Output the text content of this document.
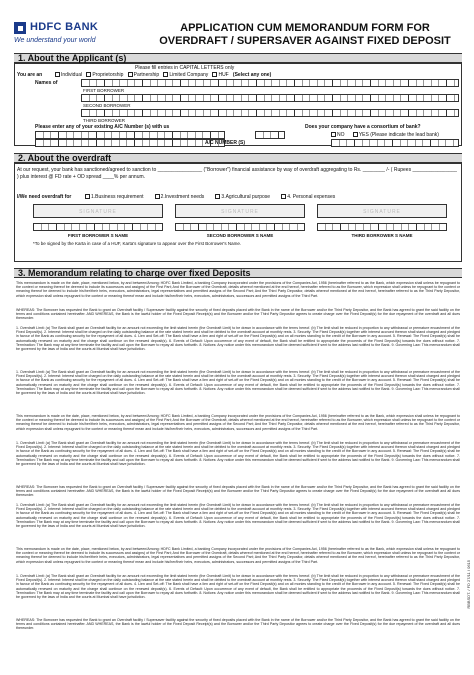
HDFC BANK
We understand your world
APPLICATION CUM MEMORANDUM FORM FOR
OVERDRAFT / SUPERSAVER AGAINST FIXED DEPOSIT
1. About the Applicant (s)
Please fill entries in CAPITAL LETTERS only
You are an	Individual Proprietorship Partnership Limited Company HUF (Select any one)
Names of
FIRST BORROWER
SECOND BORROWER
THIRD BORROWER
Please enter any of your existing A/C Number (s) with us
A/C NUMBER (S)
Does your company have a consortium of bank?
NO	YES (Please indicate the lead bank)
2. About the overdraft
At our request, your bank has sanctioned/agreed to sanction to ________________ ("Borrower") financial assistance by way of overdraft aggregating to Rs. ________ /- ( Rupees ________________ ) plus interest @ FD rate + OD spread ____% per annum.
I/We need overdraft for	1.Business requirement	2.Investment needs	3.Agricultural purpose	4. Personal expenses
SIGNATURE	SIGNATURE	SIGNATURE
FIRST BORROWER S NAME	SECOND BORROWER S NAME	THIRD BORROWER S NAME
*To be signed by the Karta in case of a HUF, Karta's signature to appear over the First Borrower's Name.
3. Memorandum relating to charge over fixed Deposits
This memorandum is made on the date, place, mentioned below, by and between/Among: HDFC Bank Limited, a banking Company incorporated under the provisions of the Companies Act, 1956 (hereinafter referred to as the Bank, which expression shall unless be repugnant to the context or meaning thereof be deemed to include its successors and assigns) of the First Part; And the Borrower of the Overdraft, details whereof mentioned at the end hereof, hereinafter referred to as the Borrower, which expression shall unless be repugnant to the context or meaning thereof be deemed to include his/her/their heirs, executors, administrators, legal representatives and permitted assigns of the Second Part; And the Third Party Depositor, details whereof mentioned at the end hereof, hereinafter referred to as the Third Party Depositor, which expression shall unless repugnant to the context or meaning thereof mean and include his/her/their heirs, executors, administrators, successors and permitted assigns of the Third Part.
WHEREAS: The Borrower has requested the Bank to grant an Overdraft facility / Supersaver facility against the security of fixed deposits placed with the Bank in the name of the Borrower and/or the Third Party Depositor, and the Bank has agreed to grant the said facility on the terms and conditions contained hereinafter. AND WHEREAS, the Bank is the lawful holder of the Fixed Deposit Receipt(s) and the Borrower and/or the Third Party Depositor agrees to create charge over the Fixed Deposit(s) for the due repayment of the overdraft and all dues thereunder.
1. Overdraft Limit: (a) The Bank shall grant an Overdraft facility for an amount not exceeding the limit stated herein (the Overdraft Limit) to be drawn in accordance with the terms hereof. (b) The limit shall be reduced in proportion to any withdrawal or premature encashment of the Fixed Deposit(s). 2. Interest: Interest shall be charged on the daily outstanding balance at the rate stated herein and shall be debited to the overdraft account at monthly rests. 3. Security: The Fixed Deposit(s) together with interest accrued thereon shall stand charged and pledged in favour of the Bank as continuing security for the repayment of all dues. 4. Lien and Set-off: The Bank shall have a lien and right of set-off on the Fixed Deposit(s) and on all monies standing to the credit of the Borrower in any account. 5. Renewal: The Fixed Deposit(s) shall be automatically renewed on maturity and the charge shall continue on the renewed deposit(s). 6. Events of Default: Upon occurrence of any event of default, the Bank shall be entitled to appropriate the proceeds of the Fixed Deposit(s) towards the dues without notice. 7. Termination: The Bank may at any time terminate the facility and call upon the Borrower to repay all dues forthwith. 8. Notices: Any notice under this memorandum shall be deemed sufficient if sent to the address last notified to the Bank. 9. Governing Law: This memorandum shall be governed by the laws of India and the courts at Mumbai shall have jurisdiction.
1. Overdraft Limit: (a) The Bank shall grant an Overdraft facility for an amount not exceeding the limit stated herein (the Overdraft Limit) to be drawn in accordance with the terms hereof. (b) The limit shall be reduced in proportion to any withdrawal or premature encashment of the Fixed Deposit(s). 2. Interest: Interest shall be charged on the daily outstanding balance at the rate stated herein and shall be debited to the overdraft account at monthly rests. 3. Security: The Fixed Deposit(s) together with interest accrued thereon shall stand charged and pledged in favour of the Bank as continuing security for the repayment of all dues. 4. Lien and Set-off: The Bank shall have a lien and right of set-off on the Fixed Deposit(s) and on all monies standing to the credit of the Borrower in any account. 5. Renewal: The Fixed Deposit(s) shall be automatically renewed on maturity and the charge shall continue on the renewed deposit(s). 6. Events of Default: Upon occurrence of any event of default, the Bank shall be entitled to appropriate the proceeds of the Fixed Deposit(s) towards the dues without notice. 7. Termination: The Bank may at any time terminate the facility and call upon the Borrower to repay all dues forthwith. 8. Notices: Any notice under this memorandum shall be deemed sufficient if sent to the address last notified to the Bank. 9. Governing Law: This memorandum shall be governed by the laws of India and the courts at Mumbai shall have jurisdiction.
This memorandum is made on the date, place, mentioned below, by and between/Among: HDFC Bank Limited, a banking Company incorporated under the provisions of the Companies Act, 1956 (hereinafter referred to as the Bank, which expression shall unless be repugnant to the context or meaning thereof be deemed to include its successors and assigns) of the First Part; And the Borrower of the Overdraft, details whereof mentioned at the end hereof, hereinafter referred to as the Borrower, which expression shall unless be repugnant to the context or meaning thereof be deemed to include his/her/their heirs, executors, administrators, legal representatives and permitted assigns of the Second Part; And the Third Party Depositor, details whereof mentioned at the end hereof, hereinafter referred to as the Third Party Depositor, which expression shall unless repugnant to the context or meaning thereof mean and include his/her/their heirs, executors, administrators, successors and permitted assigns of the Third Part.
1. Overdraft Limit: (a) The Bank shall grant an Overdraft facility for an amount not exceeding the limit stated herein (the Overdraft Limit) to be drawn in accordance with the terms hereof. (b) The limit shall be reduced in proportion to any withdrawal or premature encashment of the Fixed Deposit(s). 2. Interest: Interest shall be charged on the daily outstanding balance at the rate stated herein and shall be debited to the overdraft account at monthly rests. 3. Security: The Fixed Deposit(s) together with interest accrued thereon shall stand charged and pledged in favour of the Bank as continuing security for the repayment of all dues. 4. Lien and Set-off: The Bank shall have a lien and right of set-off on the Fixed Deposit(s) and on all monies standing to the credit of the Borrower in any account. 5. Renewal: The Fixed Deposit(s) shall be automatically renewed on maturity and the charge shall continue on the renewed deposit(s). 6. Events of Default: Upon occurrence of any event of default, the Bank shall be entitled to appropriate the proceeds of the Fixed Deposit(s) towards the dues without notice. 7. Termination: The Bank may at any time terminate the facility and call upon the Borrower to repay all dues forthwith. 8. Notices: Any notice under this memorandum shall be deemed sufficient if sent to the address last notified to the Bank. 9. Governing Law: This memorandum shall be governed by the laws of India and the courts at Mumbai shall have jurisdiction.
WHEREAS: The Borrower has requested the Bank to grant an Overdraft facility / Supersaver facility against the security of fixed deposits placed with the Bank in the name of the Borrower and/or the Third Party Depositor, and the Bank has agreed to grant the said facility on the terms and conditions contained hereinafter. AND WHEREAS, the Bank is the lawful holder of the Fixed Deposit Receipt(s) and the Borrower and/or the Third Party Depositor agrees to create charge over the Fixed Deposit(s) for the due repayment of the overdraft and all dues thereunder.
1. Overdraft Limit: (a) The Bank shall grant an Overdraft facility for an amount not exceeding the limit stated herein (the Overdraft Limit) to be drawn in accordance with the terms hereof. (b) The limit shall be reduced in proportion to any withdrawal or premature encashment of the Fixed Deposit(s). 2. Interest: Interest shall be charged on the daily outstanding balance at the rate stated herein and shall be debited to the overdraft account at monthly rests. 3. Security: The Fixed Deposit(s) together with interest accrued thereon shall stand charged and pledged in favour of the Bank as continuing security for the repayment of all dues. 4. Lien and Set-off: The Bank shall have a lien and right of set-off on the Fixed Deposit(s) and on all monies standing to the credit of the Borrower in any account. 5. Renewal: The Fixed Deposit(s) shall be automatically renewed on maturity and the charge shall continue on the renewed deposit(s). 6. Events of Default: Upon occurrence of any event of default, the Bank shall be entitled to appropriate the proceeds of the Fixed Deposit(s) towards the dues without notice. 7. Termination: The Bank may at any time terminate the facility and call upon the Borrower to repay all dues forthwith. 8. Notices: Any notice under this memorandum shall be deemed sufficient if sent to the address last notified to the Bank. 9. Governing Law: This memorandum shall be governed by the laws of India and the courts at Mumbai shall have jurisdiction.
This memorandum is made on the date, place, mentioned below, by and between/Among: HDFC Bank Limited, a banking Company incorporated under the provisions of the Companies Act, 1956 (hereinafter referred to as the Bank, which expression shall unless be repugnant to the context or meaning thereof be deemed to include its successors and assigns) of the First Part; And the Borrower of the Overdraft, details whereof mentioned at the end hereof, hereinafter referred to as the Borrower, which expression shall unless be repugnant to the context or meaning thereof be deemed to include his/her/their heirs, executors, administrators, legal representatives and permitted assigns of the Second Part; And the Third Party Depositor, details whereof mentioned at the end hereof, hereinafter referred to as the Third Party Depositor, which expression shall unless repugnant to the context or meaning thereof mean and include his/her/their heirs, executors, administrators, successors and permitted assigns of the Third Part.
1. Overdraft Limit: (a) The Bank shall grant an Overdraft facility for an amount not exceeding the limit stated herein (the Overdraft Limit) to be drawn in accordance with the terms hereof. (b) The limit shall be reduced in proportion to any withdrawal or premature encashment of the Fixed Deposit(s). 2. Interest: Interest shall be charged on the daily outstanding balance at the rate stated herein and shall be debited to the overdraft account at monthly rests. 3. Security: The Fixed Deposit(s) together with interest accrued thereon shall stand charged and pledged in favour of the Bank as continuing security for the repayment of all dues. 4. Lien and Set-off: The Bank shall have a lien and right of set-off on the Fixed Deposit(s) and on all monies standing to the credit of the Borrower in any account. 5. Renewal: The Fixed Deposit(s) shall be automatically renewed on maturity and the charge shall continue on the renewed deposit(s). 6. Events of Default: Upon occurrence of any event of default, the Bank shall be entitled to appropriate the proceeds of the Fixed Deposit(s) towards the dues without notice. 7. Termination: The Bank may at any time terminate the facility and call upon the Borrower to repay all dues forthwith. 8. Notices: Any notice under this memorandum shall be deemed sufficient if sent to the address last notified to the Bank. 9. Governing Law: This memorandum shall be governed by the laws of India and the courts at Mumbai shall have jurisdiction.
WHEREAS: The Borrower has requested the Bank to grant an Overdraft facility / Supersaver facility against the security of fixed deposits placed with the Bank in the name of the Borrower and/or the Third Party Depositor, and the Bank has agreed to grant the said facility on the terms and conditions contained hereinafter. AND WHEREAS, the Bank is the lawful holder of the Fixed Deposit Receipt(s) and the Borrower and/or the Third Party Depositor agrees to create charge over the Fixed Deposit(s) for the due repayment of the overdraft and all dues thereunder.
RBBSDT. / FD 27/11 / 0615
